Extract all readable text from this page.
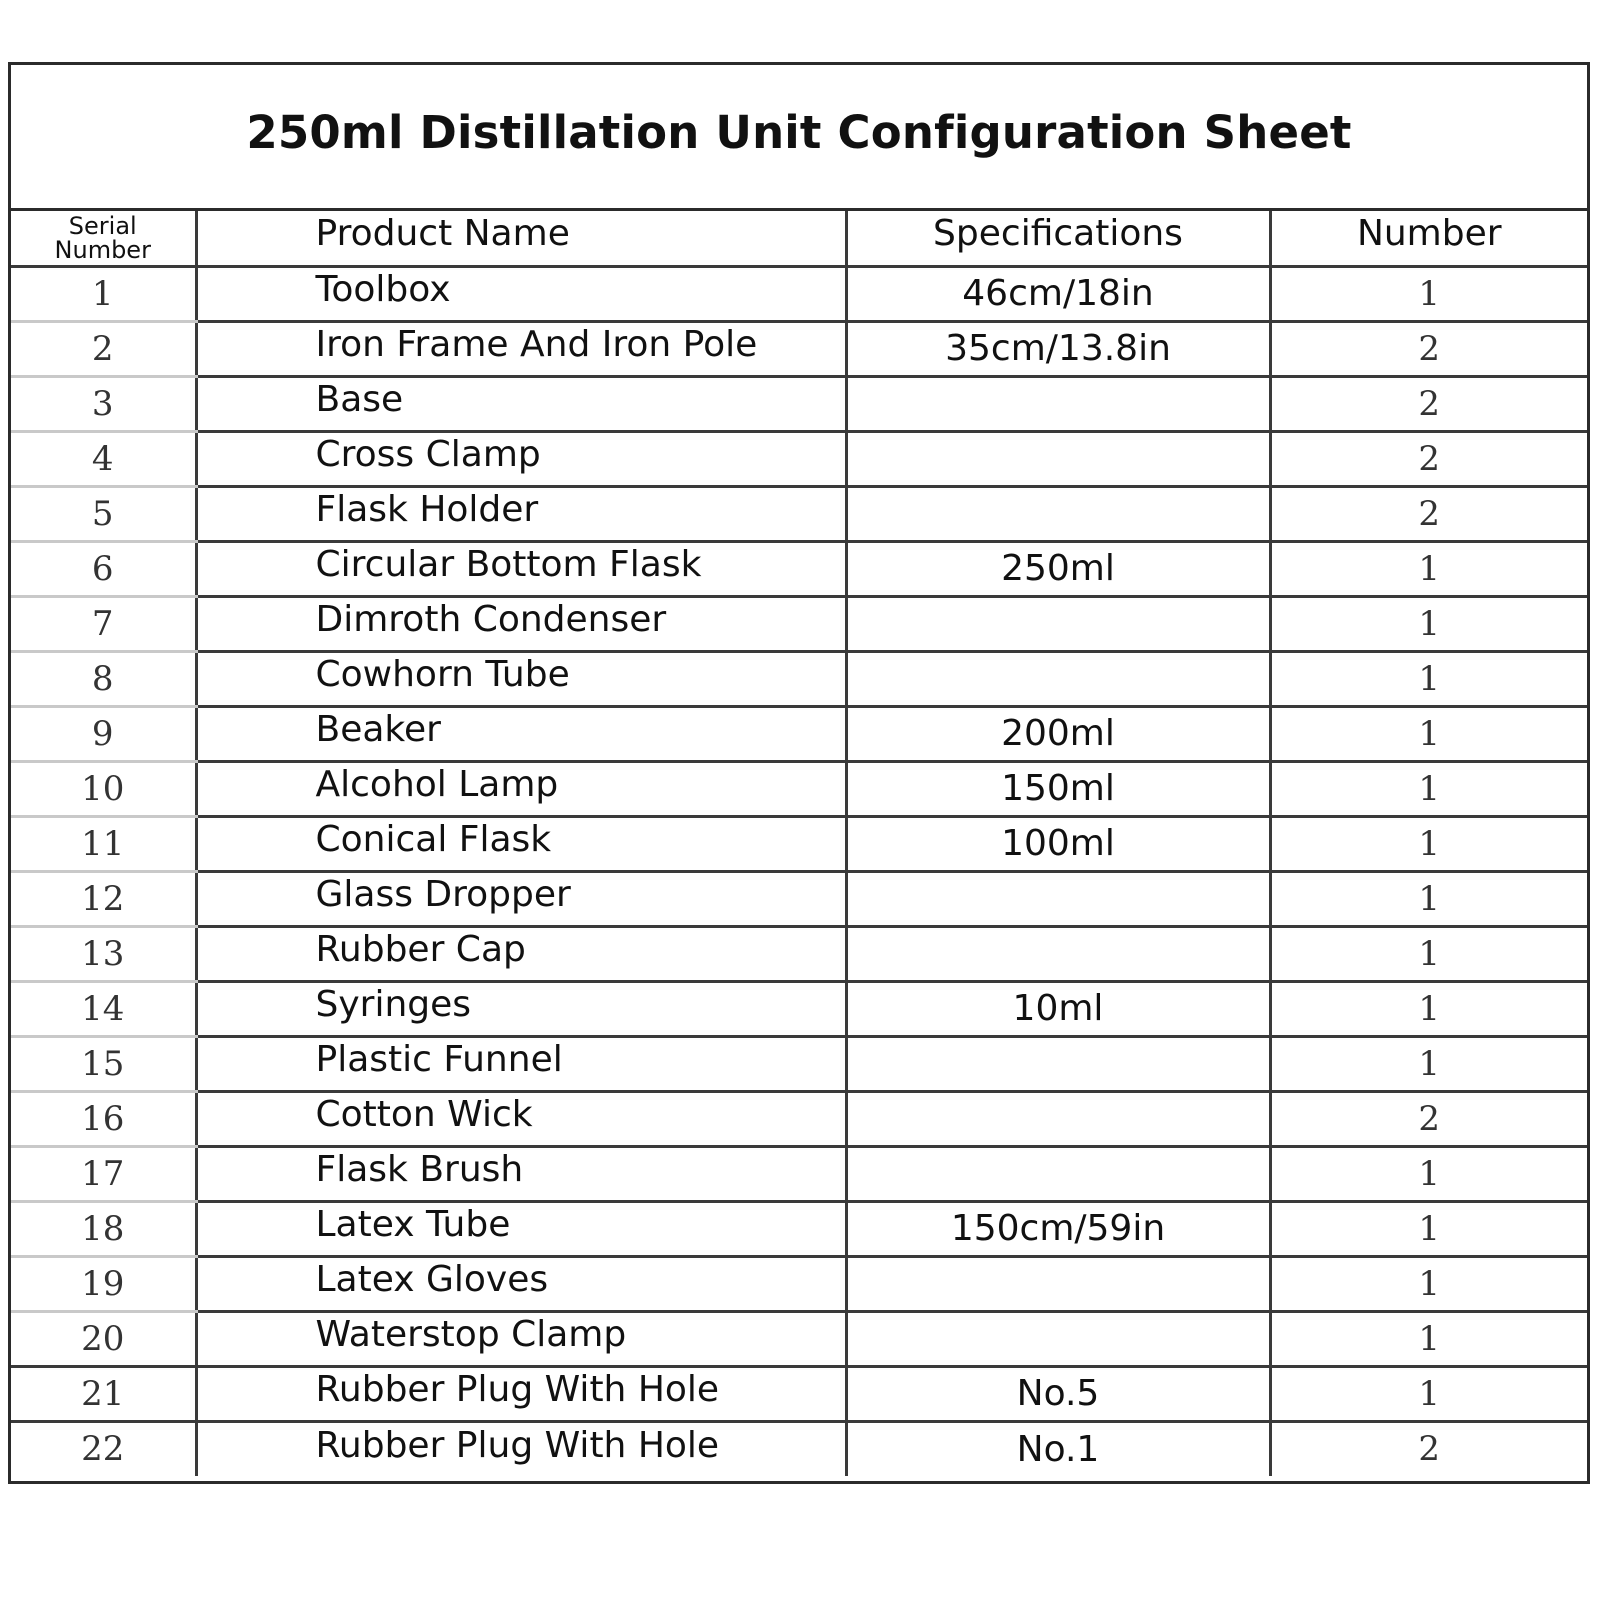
250ml Distillation Unit Configuration Sheet
Serial Number	Product Name	Specifications	Number
1	Toolbox	46cm/18in	1
2	Iron Frame And Iron Pole	35cm/13.8in	2
3	Base		2
4	Cross Clamp		2
5	Flask Holder		2
6	Circular Bottom Flask	250ml	1
7	Dimroth Condenser		1
8	Cowhorn Tube		1
9	Beaker	200ml	1
10	Alcohol Lamp	150ml	1
11	Conical Flask	100ml	1
12	Glass Dropper		1
13	Rubber Cap		1
14	Syringes	10ml	1
15	Plastic Funnel		1
16	Cotton Wick		2
17	Flask Brush		1
18	Latex Tube	150cm/59in	1
19	Latex Gloves		1
20	Waterstop Clamp		1
21	Rubber Plug With Hole	No.5	1
22	Rubber Plug With Hole	No.1	2
